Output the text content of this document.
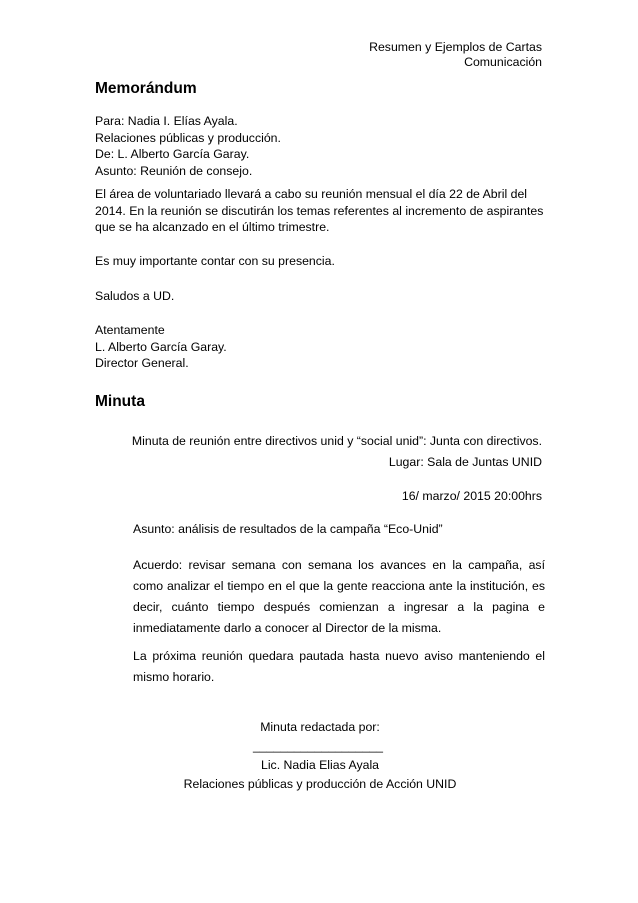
Resumen y Ejemplos de Cartas
Comunicación
Memorándum
Para: Nadia I. Elías Ayala.
Relaciones públicas y producción.
De: L. Alberto García Garay.
Asunto: Reunión de consejo.
El área de voluntariado llevará a cabo su reunión mensual el día 22 de Abril del
2014. En la reunión se discutirán los temas referentes al incremento de aspirantes
que se ha alcanzado en el último trimestre.
Es muy importante contar con su presencia.
Saludos a UD.
Atentamente
L. Alberto García Garay.
Director General.
Minuta
Minuta de reunión entre directivos unid y “social unid”: Junta con directivos.
Lugar: Sala de Juntas UNID
16/ marzo/ 2015 20:00hrs
Asunto: análisis de resultados de la campaña “Eco-Unid”
Acuerdo: revisar semana con semana los avances en la campaña, así como analizar el tiempo en el que la gente reacciona ante la institución, es decir, cuánto tiempo después comienzan a ingresar a la pagina e inmediatamente darlo a conocer al Director de la misma.
La próxima reunión quedara pautada hasta nuevo aviso manteniendo el mismo horario.
Minuta redactada por:
___________________
Lic. Nadia Elias Ayala
Relaciones públicas y producción de Acción UNID
